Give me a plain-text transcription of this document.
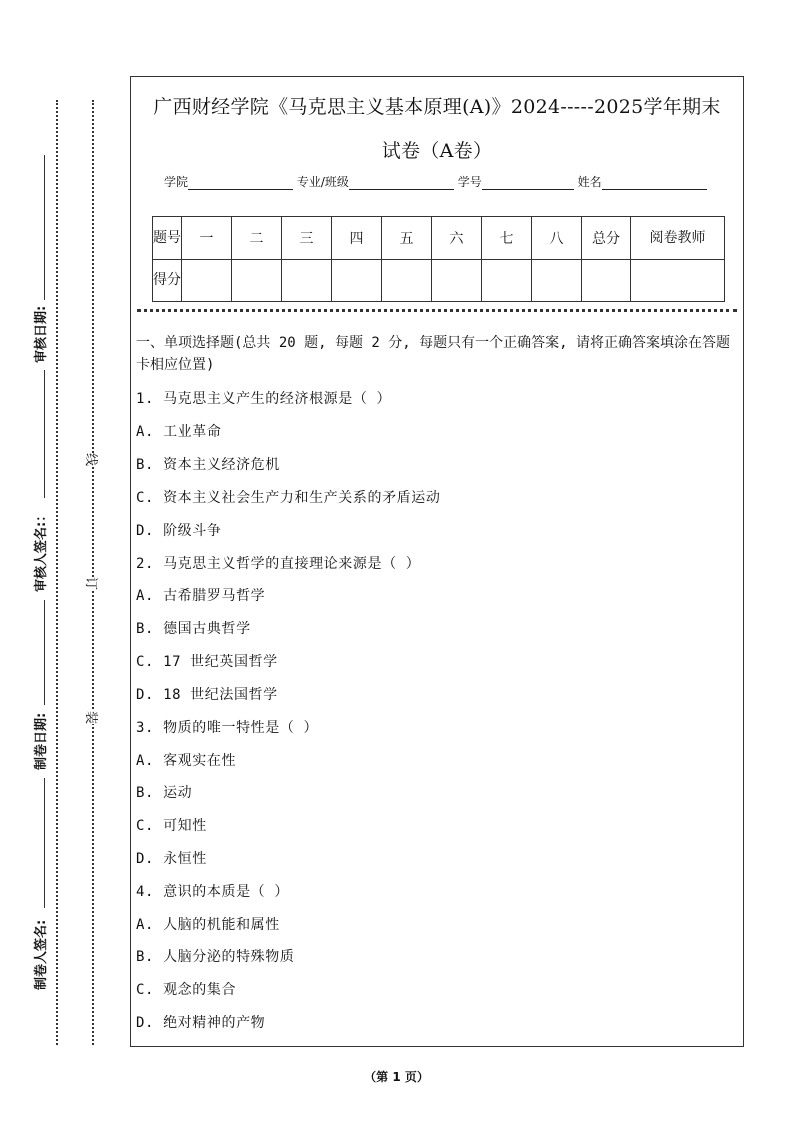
审核日期:
审核人签名:：
制卷日期:
制卷人签名:
线
订
装
广西财经学院《马克思主义基本原理(A)》2024-----2025学年期末
试卷（A卷）
学院	专业/班级	学号	姓名
题号	一	二	三	四	五	六	七	八	总分	阅卷教师
得分										
一、单项选择题(总共 20 题, 每题 2 分, 每题只有一个正确答案, 请将正确答案填涂在答题卡相应位置)
1. 马克思主义产生的经济根源是（ ）
A. 工业革命
B. 资本主义经济危机
C. 资本主义社会生产力和生产关系的矛盾运动
D. 阶级斗争
2. 马克思主义哲学的直接理论来源是（ ）
A. 古希腊罗马哲学
B. 德国古典哲学
C. 17 世纪英国哲学
D. 18 世纪法国哲学
3. 物质的唯一特性是（ ）
A. 客观实在性
B. 运动
C. 可知性
D. 永恒性
4. 意识的本质是（ ）
A. 人脑的机能和属性
B. 人脑分泌的特殊物质
C. 观念的集合
D. 绝对精神的产物
（第 1 页）
